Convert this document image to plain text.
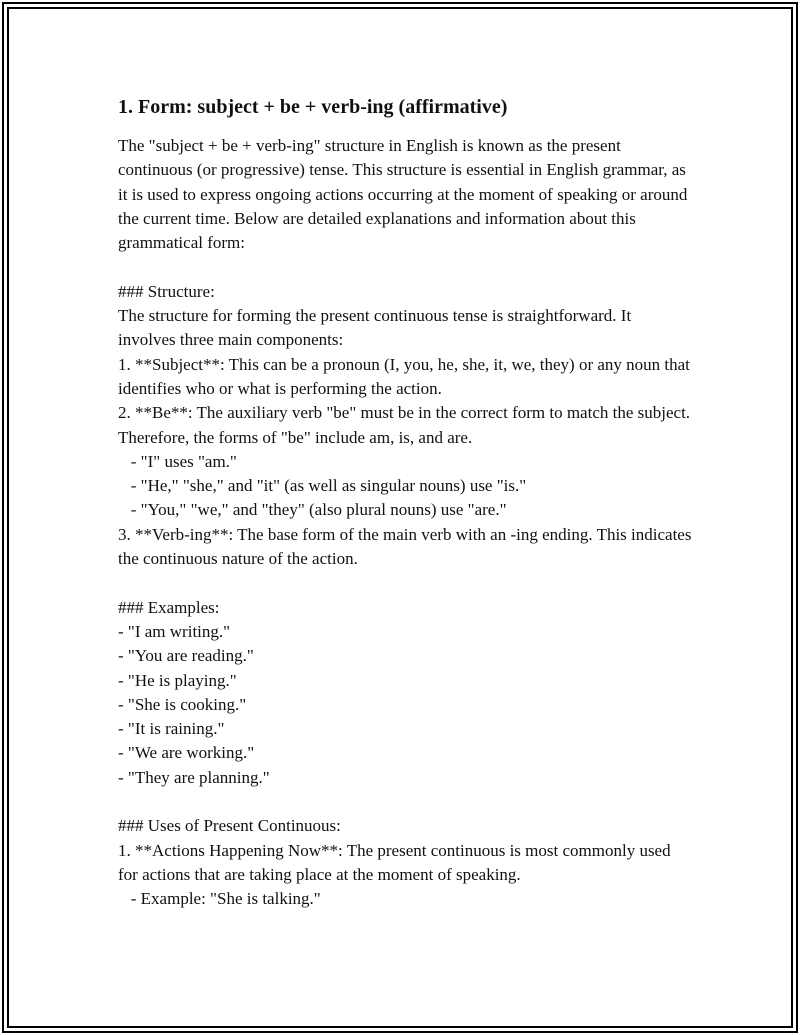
1. Form: subject + be + verb-ing (affirmative)

The "subject + be + verb-ing" structure in English is known as the present continuous (or progressive) tense. This structure is essential in English grammar, as it is used to express ongoing actions occurring at the moment of speaking or around the current time. Below are detailed explanations and information about this grammatical form:

### Structure:
The structure for forming the present continuous tense is straightforward. It involves three main components:
1. **Subject**: This can be a pronoun (I, you, he, she, it, we, they) or any noun that identifies who or what is performing the action.
2. **Be**: The auxiliary verb "be" must be in the correct form to match the subject. Therefore, the forms of "be" include am, is, and are.
- "I" uses "am."
- "He," "she," and "it" (as well as singular nouns) use "is."
- "You," "we," and "they" (also plural nouns) use "are."
3. **Verb-ing**: The base form of the main verb with an -ing ending. This indicates the continuous nature of the action.
### Examples:
- "I am writing."
- "You are reading."
- "He is playing."
- "She is cooking."
- "It is raining."
- "We are working."
- "They are planning."
### Uses of Present Continuous:
1. **Actions Happening Now**: The present continuous is most commonly used for actions that are taking place at the moment of speaking.
- Example: "She is talking."
